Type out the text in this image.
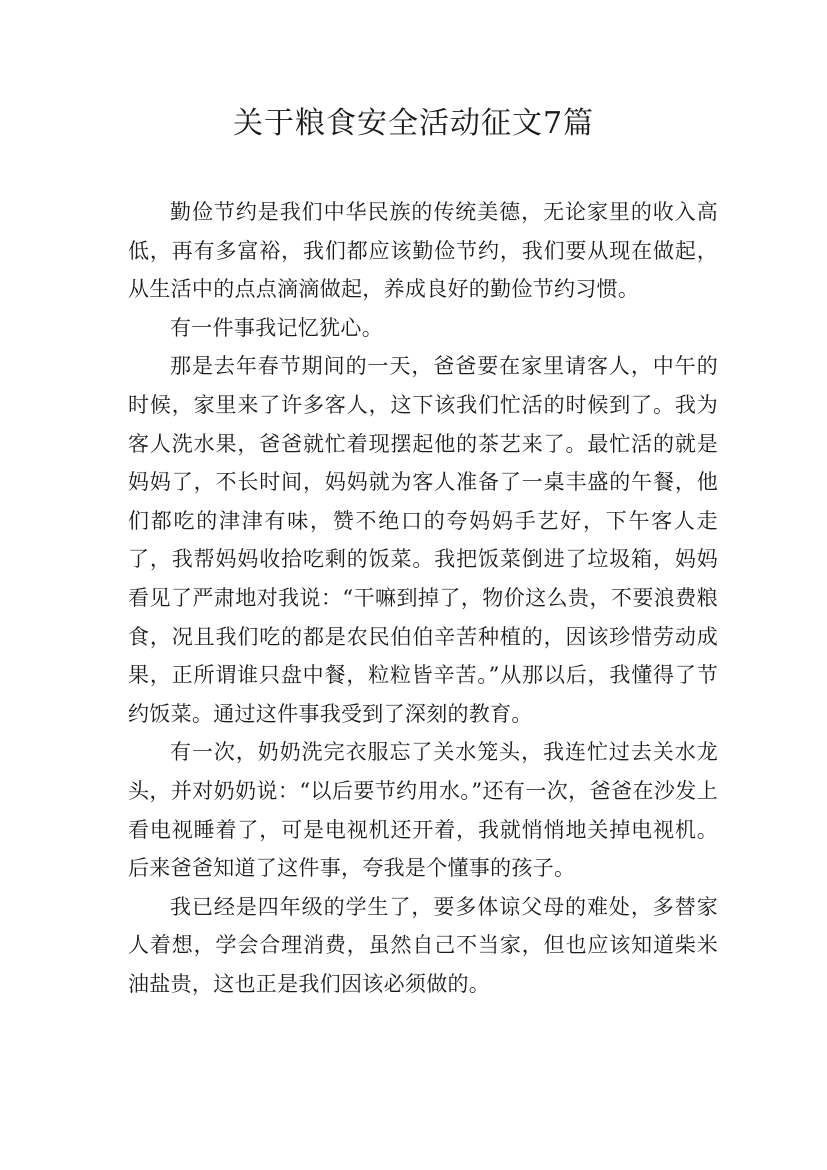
关于粮食安全活动征文7篇

勤俭节约是我们中华民族的传统美德，无论家里的收入高低，再有多富裕，我们都应该勤俭节约，我们要从现在做起，从生活中的点点滴滴做起，养成良好的勤俭节约习惯。

有一件事我记忆犹心。

那是去年春节期间的一天，爸爸要在家里请客人，中午的时候，家里来了许多客人，这下该我们忙活的时候到了。我为客人洗水果，爸爸就忙着现摆起他的茶艺来了。最忙活的就是妈妈了，不长时间，妈妈就为客人准备了一桌丰盛的午餐，他们都吃的津津有味，赞不绝口的夸妈妈手艺好，下午客人走了，我帮妈妈收拾吃剩的饭菜。我把饭菜倒进了垃圾箱，妈妈看见了严肃地对我说：“干嘛到掉了，物价这么贵，不要浪费粮食，况且我们吃的都是农民伯伯辛苦种植的，因该珍惜劳动成果，正所谓谁只盘中餐，粒粒皆辛苦。”从那以后，我懂得了节约饭菜。通过这件事我受到了深刻的教育。

有一次，奶奶洗完衣服忘了关水笼头，我连忙过去关水龙头，并对奶奶说：“以后要节约用水。”还有一次，爸爸在沙发上看电视睡着了，可是电视机还开着，我就悄悄地关掉电视机。后来爸爸知道了这件事，夸我是个懂事的孩子。

我已经是四年级的学生了，要多体谅父母的难处，多替家人着想，学会合理消费，虽然自己不当家，但也应该知道柴米油盐贵，这也正是我们因该必须做的。
